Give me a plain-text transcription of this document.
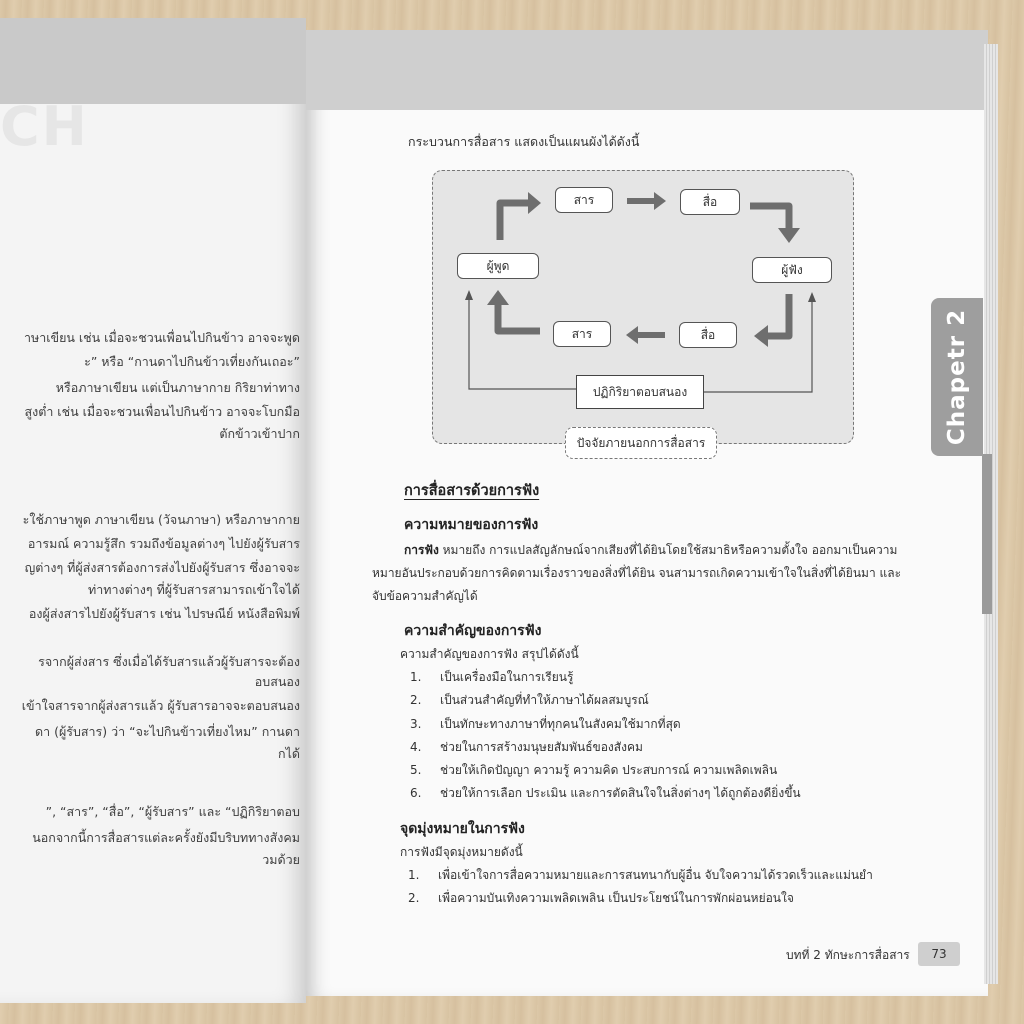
CH
าษาเขียน เช่น เมื่อจะชวนเพื่อนไปกินข้าว อาจจะพูด
ะ” หรือ “กานดาไปกินข้าวเที่ยงกันเถอะ”
หรือภาษาเขียน แต่เป็นภาษากาย กิริยาท่าทาง
สูงต่ำ เช่น เมื่อจะชวนเพื่อนไปกินข้าว อาจจะโบกมือ
ตักข้าวเข้าปาก
ะใช้ภาษาพูด ภาษาเขียน (วัจนภาษา) หรือภาษากาย
อารมณ์ ความรู้สึก รวมถึงข้อมูลต่างๆ ไปยังผู้รับสาร
ญต่างๆ ที่ผู้ส่งสารต้องการส่งไปยังผู้รับสาร ซึ่งอาจจะ
ท่าทางต่างๆ ที่ผู้รับสารสามารถเข้าใจได้
องผู้ส่งสารไปยังผู้รับสาร เช่น ไปรษณีย์ หนังสือพิมพ์
รจากผู้ส่งสาร ซึ่งเมื่อได้รับสารแล้วผู้รับสารจะต้อง
อบสนอง
เข้าใจสารจากผู้ส่งสารแล้ว ผู้รับสารอาจจะตอบสนอง
ดา (ผู้รับสาร) ว่า “จะไปกินข้าวเที่ยงไหม” กานดา
กได้
”, “สาร”, “สื่อ”, “ผู้รับสาร” และ “ปฏิกิริยาตอบ
นอกจากนี้การสื่อสารแต่ละครั้งยังมีบริบททางสังคม
วมด้วย
Chapetr 2
กระบวนการสื่อสาร แสดงเป็นแผนผังได้ดังนี้
สาร	สื่อ
ผู้พูด	ผู้ฟัง
สาร	สื่อ
ปฏิกิริยาตอบสนอง
ปัจจัยภายนอกการสื่อสาร
การสื่อสารด้วยการฟัง
ความหมายของการฟัง
การฟัง หมายถึง การแปลสัญลักษณ์จากเสียงที่ได้ยินโดยใช้สมาธิหรือความตั้งใจ ออกมาเป็นความหมายอันประกอบด้วยการคิดตามเรื่องราวของสิ่งที่ได้ยิน จนสามารถเกิดความเข้าใจในสิ่งที่ได้ยินมา และจับข้อความสำคัญได้
ความสำคัญของการฟัง
ความสำคัญของการฟัง สรุปได้ดังนี้
1. เป็นเครื่องมือในการเรียนรู้
2. เป็นส่วนสำคัญที่ทำให้ภาษาได้ผลสมบูรณ์
3. เป็นทักษะทางภาษาที่ทุกคนในสังคมใช้มากที่สุด
4. ช่วยในการสร้างมนุษยสัมพันธ์ของสังคม
5. ช่วยให้เกิดปัญญา ความรู้ ความคิด ประสบการณ์ ความเพลิดเพลิน
6. ช่วยให้การเลือก ประเมิน และการตัดสินใจในสิ่งต่างๆ ได้ถูกต้องดียิ่งขึ้น
จุดมุ่งหมายในการฟัง
การฟังมีจุดมุ่งหมายดังนี้
1. เพื่อเข้าใจการสื่อความหมายและการสนทนากับผู้อื่น จับใจความได้รวดเร็วและแม่นยำ
2. เพื่อความบันเทิงความเพลิดเพลิน เป็นประโยชน์ในการพักผ่อนหย่อนใจ
บทที่ 2 ทักษะการสื่อสาร	73
